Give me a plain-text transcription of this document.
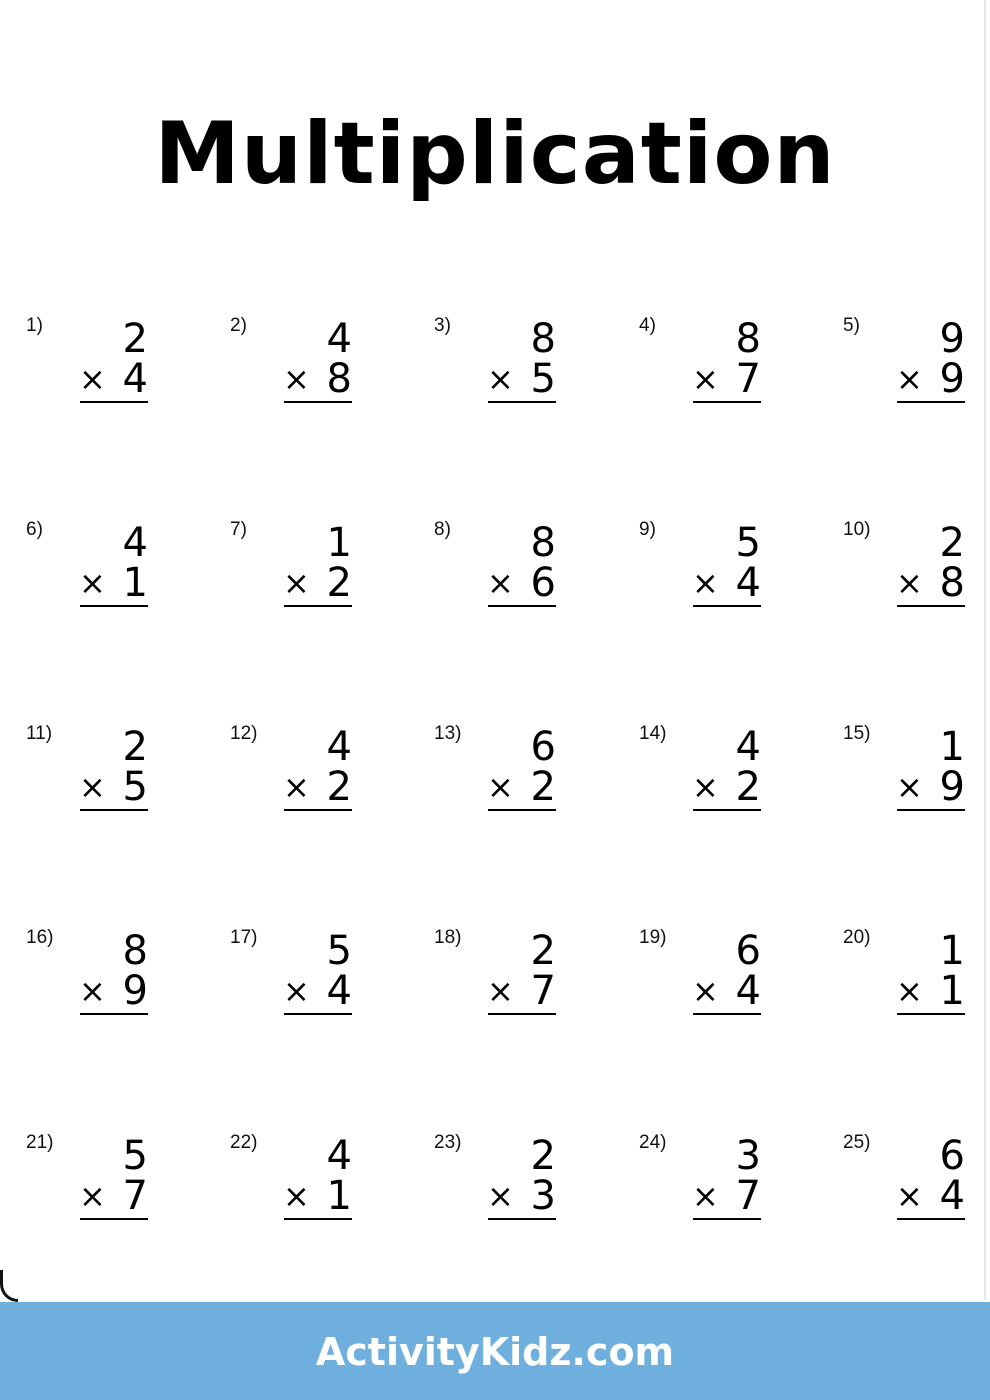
Multiplication
1)	2
× 4
2)	4
× 8
3)	8
× 5
4)	8
× 7
5)	9
× 9
6)	4
× 1
7)	1
× 2
8)	8
× 6
9)	5
× 4
10)	2
× 8
11)	2
× 5
12)	4
× 2
13)	6
× 2
14)	4
× 2
15)	1
× 9
16)	8
× 9
17)	5
× 4
18)	2
× 7
19)	6
× 4
20)	1
× 1
21)	5
× 7
22)	4
× 1
23)	2
× 3
24)	3
× 7
25)	6
× 4
ActivityKidz.com
